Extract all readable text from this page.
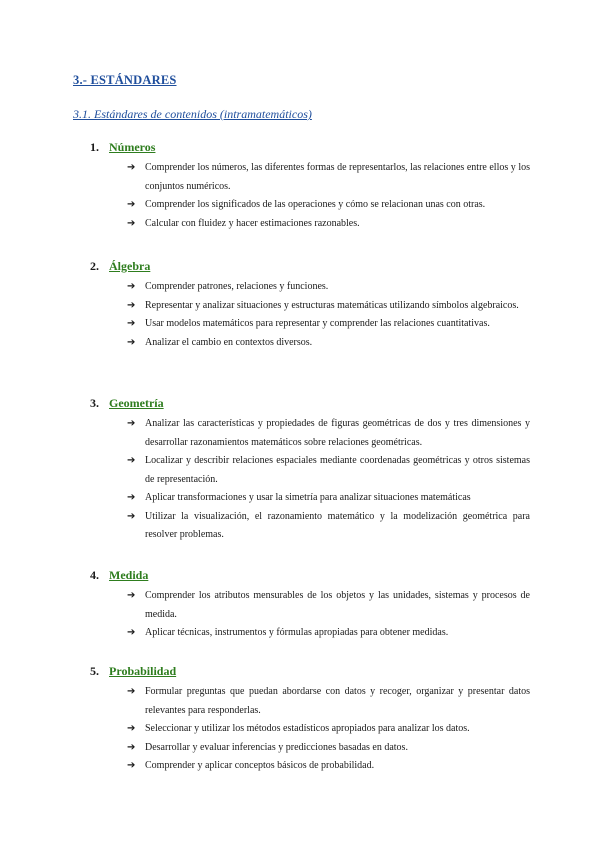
3.- ESTÁNDARES
3.1. Estándares de contenidos (intramatemáticos)
1. Números
➔ Comprender los números, las diferentes formas de representarlos, las relaciones entre ellos y los conjuntos numéricos.
➔ Comprender los significados de las operaciones y cómo se relacionan unas con otras.
➔ Calcular con fluidez y hacer estimaciones razonables.
2. Álgebra
➔ Comprender patrones, relaciones y funciones.
➔ Representar y analizar situaciones y estructuras matemáticas utilizando símbolos algebraicos.
➔ Usar modelos matemáticos para representar y comprender las relaciones cuantitativas.
➔ Analizar el cambio en contextos diversos.
3. Geometría
➔ Analizar las características y propiedades de figuras geométricas de dos y tres dimensiones y desarrollar razonamientos matemáticos sobre relaciones geométricas.
➔ Localizar y describir relaciones espaciales mediante coordenadas geométricas y otros sistemas de representación.
➔ Aplicar transformaciones y usar la simetría para analizar situaciones matemáticas
➔ Utilizar la visualización, el razonamiento matemático y la modelización geométrica para resolver problemas.
4. Medida
➔ Comprender los atributos mensurables de los objetos y las unidades, sistemas y procesos de medida.
➔ Aplicar técnicas, instrumentos y fórmulas apropiadas para obtener medidas.
5. Probabilidad
➔ Formular preguntas que puedan abordarse con datos y recoger, organizar y presentar datos relevantes para responderlas.
➔ Seleccionar y utilizar los métodos estadísticos apropiados para analizar los datos.
➔ Desarrollar y evaluar inferencias y predicciones basadas en datos.
➔ Comprender y aplicar conceptos básicos de probabilidad.
